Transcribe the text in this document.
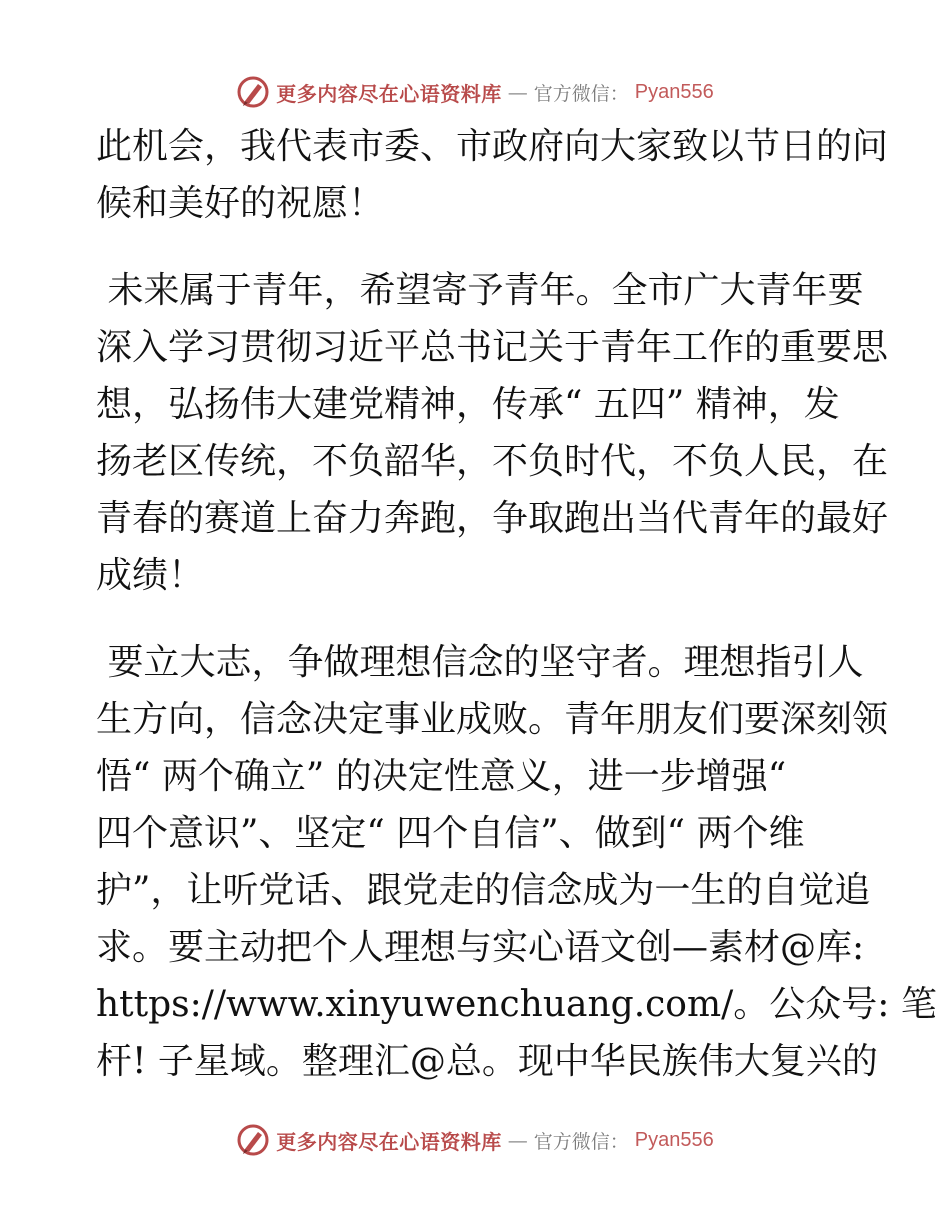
更多内容尽在心语资料库 — 官方微信： Pyan556
此机会，我代表市委、市政府向大家致以节日的问
候和美好的祝愿！
未来属于青年，希望寄予青年。全市广大青年要
深入学习贯彻习近平总书记关于青年工作的重要思
想，弘扬伟大建党精神，传承“ 五四” 精神，发
扬老区传统，不负韶华，不负时代，不负人民，在
青春的赛道上奋力奔跑，争取跑出当代青年的最好
成绩！
要立大志，争做理想信念的坚守者。理想指引人
生方向，信念决定事业成败。青年朋友们要深刻领
悟“ 两个确立” 的决定性意义，进一步增强“
四个意识”、坚定“ 四个自信”、做到“ 两个维
护”，让听党话、跟党走的信念成为一生的自觉追
求。要主动把个人理想与实心语文创—素材@库:
https://www.xinyuwenchuang.com/。公众号: 笔
杆! 子星域。整理汇@总。现中华民族伟大复兴的
更多内容尽在心语资料库 — 官方微信： Pyan556
